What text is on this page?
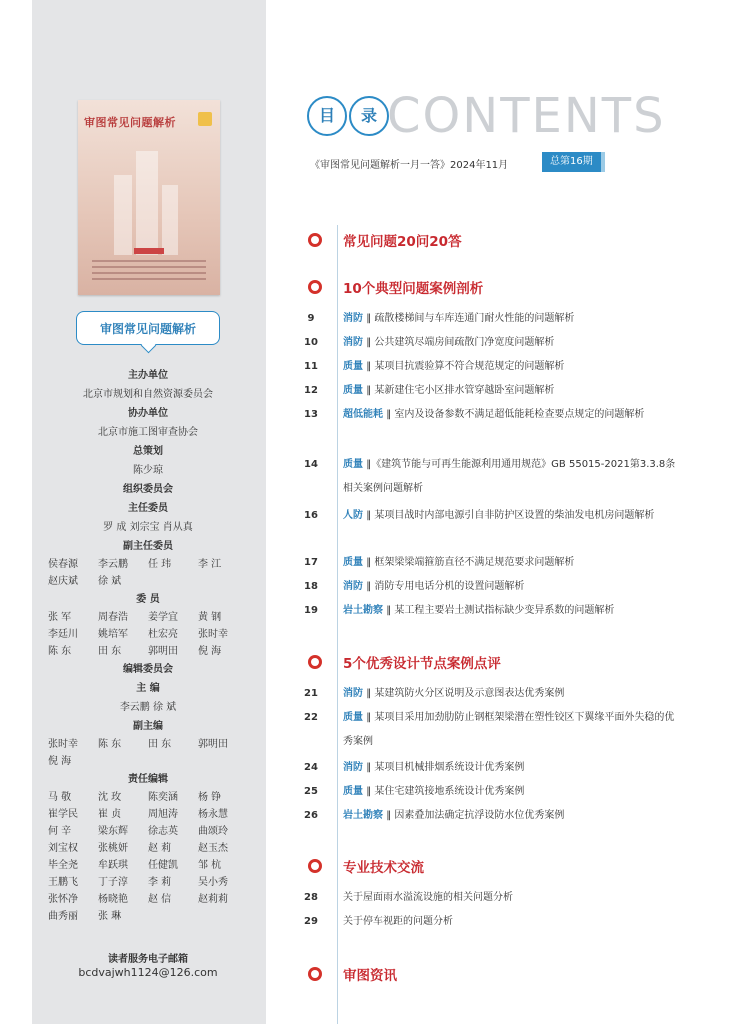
审图常见问题解析
审图常见问题解析
主办单位
北京市规划和自然资源委员会
协办单位
北京市施工图审查协会
总策划
陈少琼
组织委员会
主任委员
罗 成 刘宗宝 肖从真
副主任委员
侯春源	李云鹏	任 玮	李 江
赵庆斌	徐 斌
委 员
张 军	周春浩	姜学宜	黄 钢
李廷川	姚培军	杜宏亮	张时幸
陈 东	田 东	郭明田	倪 海
编辑委员会
主 编
李云鹏 徐 斌
副主编
张时幸	陈 东	田 东	郭明田
倪 海
责任编辑
马 敬	沈 玫	陈奕涵	杨 铮
崔学民	崔 贞	周旭涛	杨永慧
何 辛	梁东辉	徐志英	曲颂玲
刘宝权	张桃妍	赵 莉	赵玉杰
毕全尧	牟跃琪	任健凯	邹 杭
王鹏飞	丁子淳	李 莉	吴小秀
张怀净	杨晓艳	赵 信	赵莉莉
曲秀丽	张 琳
读者服务电子邮箱
bcdvajwh1124@126.com
目	录 CONTENTS
《审图常见问题解析一月一答》2024年11月	总第16期
常见问题20问20答
10个典型问题案例剖析
5个优秀设计节点案例点评
专业技术交流
审图资讯
9	消防 ‖ 疏散楼梯间与车库连通门耐火性能的问题解析
10	消防 ‖ 公共建筑尽端房间疏散门净宽度问题解析
11	质量 ‖ 某项目抗震验算不符合规范规定的问题解析
12	质量 ‖ 某新建住宅小区排水管穿越卧室问题解析
13	超低能耗 ‖ 室内及设备参数不满足超低能耗检查要点规定的问题解析
14	质量 ‖《建筑节能与可再生能源利用通用规范》GB 55015-2021第3.3.8条相关案例问题解析
16	人防 ‖ 某项目战时内部电源引自非防护区设置的柴油发电机房问题解析
17	质量 ‖ 框架梁梁端箍筋直径不满足规范要求问题解析
18	消防 ‖ 消防专用电话分机的设置问题解析
19	岩土勘察 ‖ 某工程主要岩土测试指标缺少变异系数的问题解析
21	消防 ‖ 某建筑防火分区说明及示意图表达优秀案例
22	质量 ‖ 某项目采用加劲肋防止钢框架梁潜在塑性铰区下翼缘平面外失稳的优秀案例
24	消防 ‖ 某项目机械排烟系统设计优秀案例
25	质量 ‖ 某住宅建筑接地系统设计优秀案例
26	岩土勘察 ‖ 因素叠加法确定抗浮设防水位优秀案例
28	关于屋面雨水溢流设施的相关问题分析
29	关于停车视距的问题分析
